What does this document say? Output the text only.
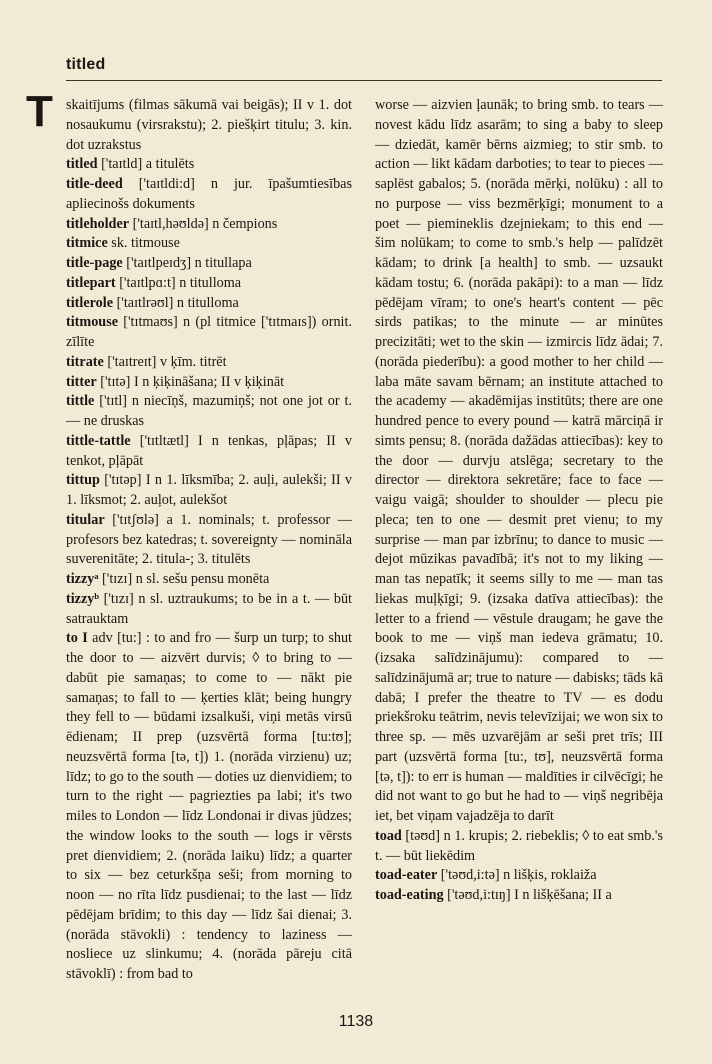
titled
T skaitījums (filmas sākumā vai beigās); II v 1. dot nosaukumu (virsrakstu); 2. piešķirt titulu; 3. kin. dot uzrakstus

titled ['taɪtld] a titulēts

title-deed ['taɪtldi:d] n jur. īpašumtiesības apliecinošs dokuments

titleholder ['taɪtl,həʊldə] n čempions

titmice sk. titmouse

title-page ['taɪtlpeɪdʒ] n titullapa

titlepart ['taɪtlpɑ:t] n titulloma

titlerole ['taɪtlrəʊl] n titulloma

titmouse ['tɪtmaʊs] n (pl titmice ['tɪtmaɪs]) ornit. zīlīte

titrate ['taɪtreɪt] v ķīm. titrēt

titter ['tɪtə] I n ķiķināšana; II v ķiķināt

tittle ['tɪtl] n niecīņš, mazumiņš; not one jot or t. — ne druskas

tittle-tattle ['tɪtltætl] I n tenkas, pļāpas; II v tenkot, pļāpāt

tittup ['tɪtəp] I n 1. līksmība; 2. auļi, aulekši; II v 1. līksmot; 2. auļot, aulekšot

titular ['tɪtʃʊlə] a 1. nominals; t. professor — profesors bez katedras; t. sovereignty — nomināla suverenitāte; 2. titula-; 3. titulēts

tizzyᵃ ['tɪzɪ] n sl. sešu pensu monēta

tizzyᵇ ['tɪzɪ] n sl. uztraukums; to be in a t. — būt satrauktam

to I adv [tu:] : to and fro — šurp un turp; to shut the door to — aizvērt durvis; ◊ to bring to — dabūt pie samaņas; to come to — nākt pie samaņas; to fall to — ķerties klāt; being hungry they fell to — būdami izsalkuši, viņi metās virsū ēdienam; II prep (uzsvērtā forma [tu:tʊ]; neuzsvērtā forma [tə, t]) 1. (norāda virzienu) uz; līdz; to go to the south — doties uz dienvidiem; to turn to the right — pagriezties pa labi; it's two miles to London — līdz Londonai ir divas jūdzes; the window looks to the south — logs ir vērsts pret dienvidiem; 2. (norāda laiku) līdz; a quarter to six — bez ceturkšņa seši; from morning to noon — no rīta līdz pusdienai; to the last — līdz pēdējam brīdim; to this day — līdz šai dienai; 3. (norāda stāvokli) : tendency to laziness — nosliece uz slinkumu; 4. (norāda pāreju citā stāvoklī) : from bad to

worse — aizvien ļaunāk; to bring smb. to tears — novest kādu līdz asarām; to sing a baby to sleep — dziedāt, kamēr bērns aizmieg; to stir smb. to action — likt kādam darboties; to tear to pieces — saplēst gabalos; 5. (norāda mērķi, nolūku) : all to no purpose — viss bezmērķīgi; monument to a poet — piemineklis dzejniekam; to this end — šim nolūkam; to come to smb.'s help — palīdzēt kādam; to drink [a health] to smb. — uzsaukt kādam tostu; 6. (norāda pakāpi): to a man — līdz pēdējam vīram; to one's heart's content — pēc sirds patikas; to the minute — ar minūtes precizitāti; wet to the skin — izmircis līdz ādai; 7. (norāda piederību): a good mother to her child — laba māte savam bērnam; an institute attached to the academy — akadēmijas institūts; there are one hundred pence to every pound — katrā mārciņā ir simts pensu; 8. (norāda dažādas attiecības): key to the door — durvju atslēga; secretary to the director — direktora sekretāre; face to face — vaigu vaigā; shoulder to shoulder — plecu pie pleca; ten to one — desmit pret vienu; to my surprise — man par izbrīnu; to dance to music — dejot mūzikas pavadībā; it's not to my liking — man tas nepatīk; it seems silly to me — man tas liekas muļķīgi; 9. (izsaka datīva attiecības): the letter to a friend — vēstule draugam; he gave the book to me — viņš man iedeva grāmatu; 10. (izsaka salīdzinājumu): compared to — salīdzinājumā ar; true to nature — dabisks; tāds kā dabā; I prefer the theatre to TV — es dodu priekšroku teātrim, nevis televīzijai; we won six to three sp. — mēs uzvarējām ar seši pret trīs; III part (uzsvērtā forma [tu:, tʊ], neuzsvērtā forma [tə, t]): to err is human — maldīties ir cilvēcīgi; he did not want to go but he had to — viņš negribēja iet, bet viņam vajadzēja to darīt

toad [təʊd] n 1. krupis; 2. riebeklis; ◊ to eat smb.'s t. — būt liekēdim

toad-eater ['təʊd,i:tə] n lišķis, roklaiža

toad-eating ['təʊd,i:tɪŋ] I n lišķēšana; II a

1138
